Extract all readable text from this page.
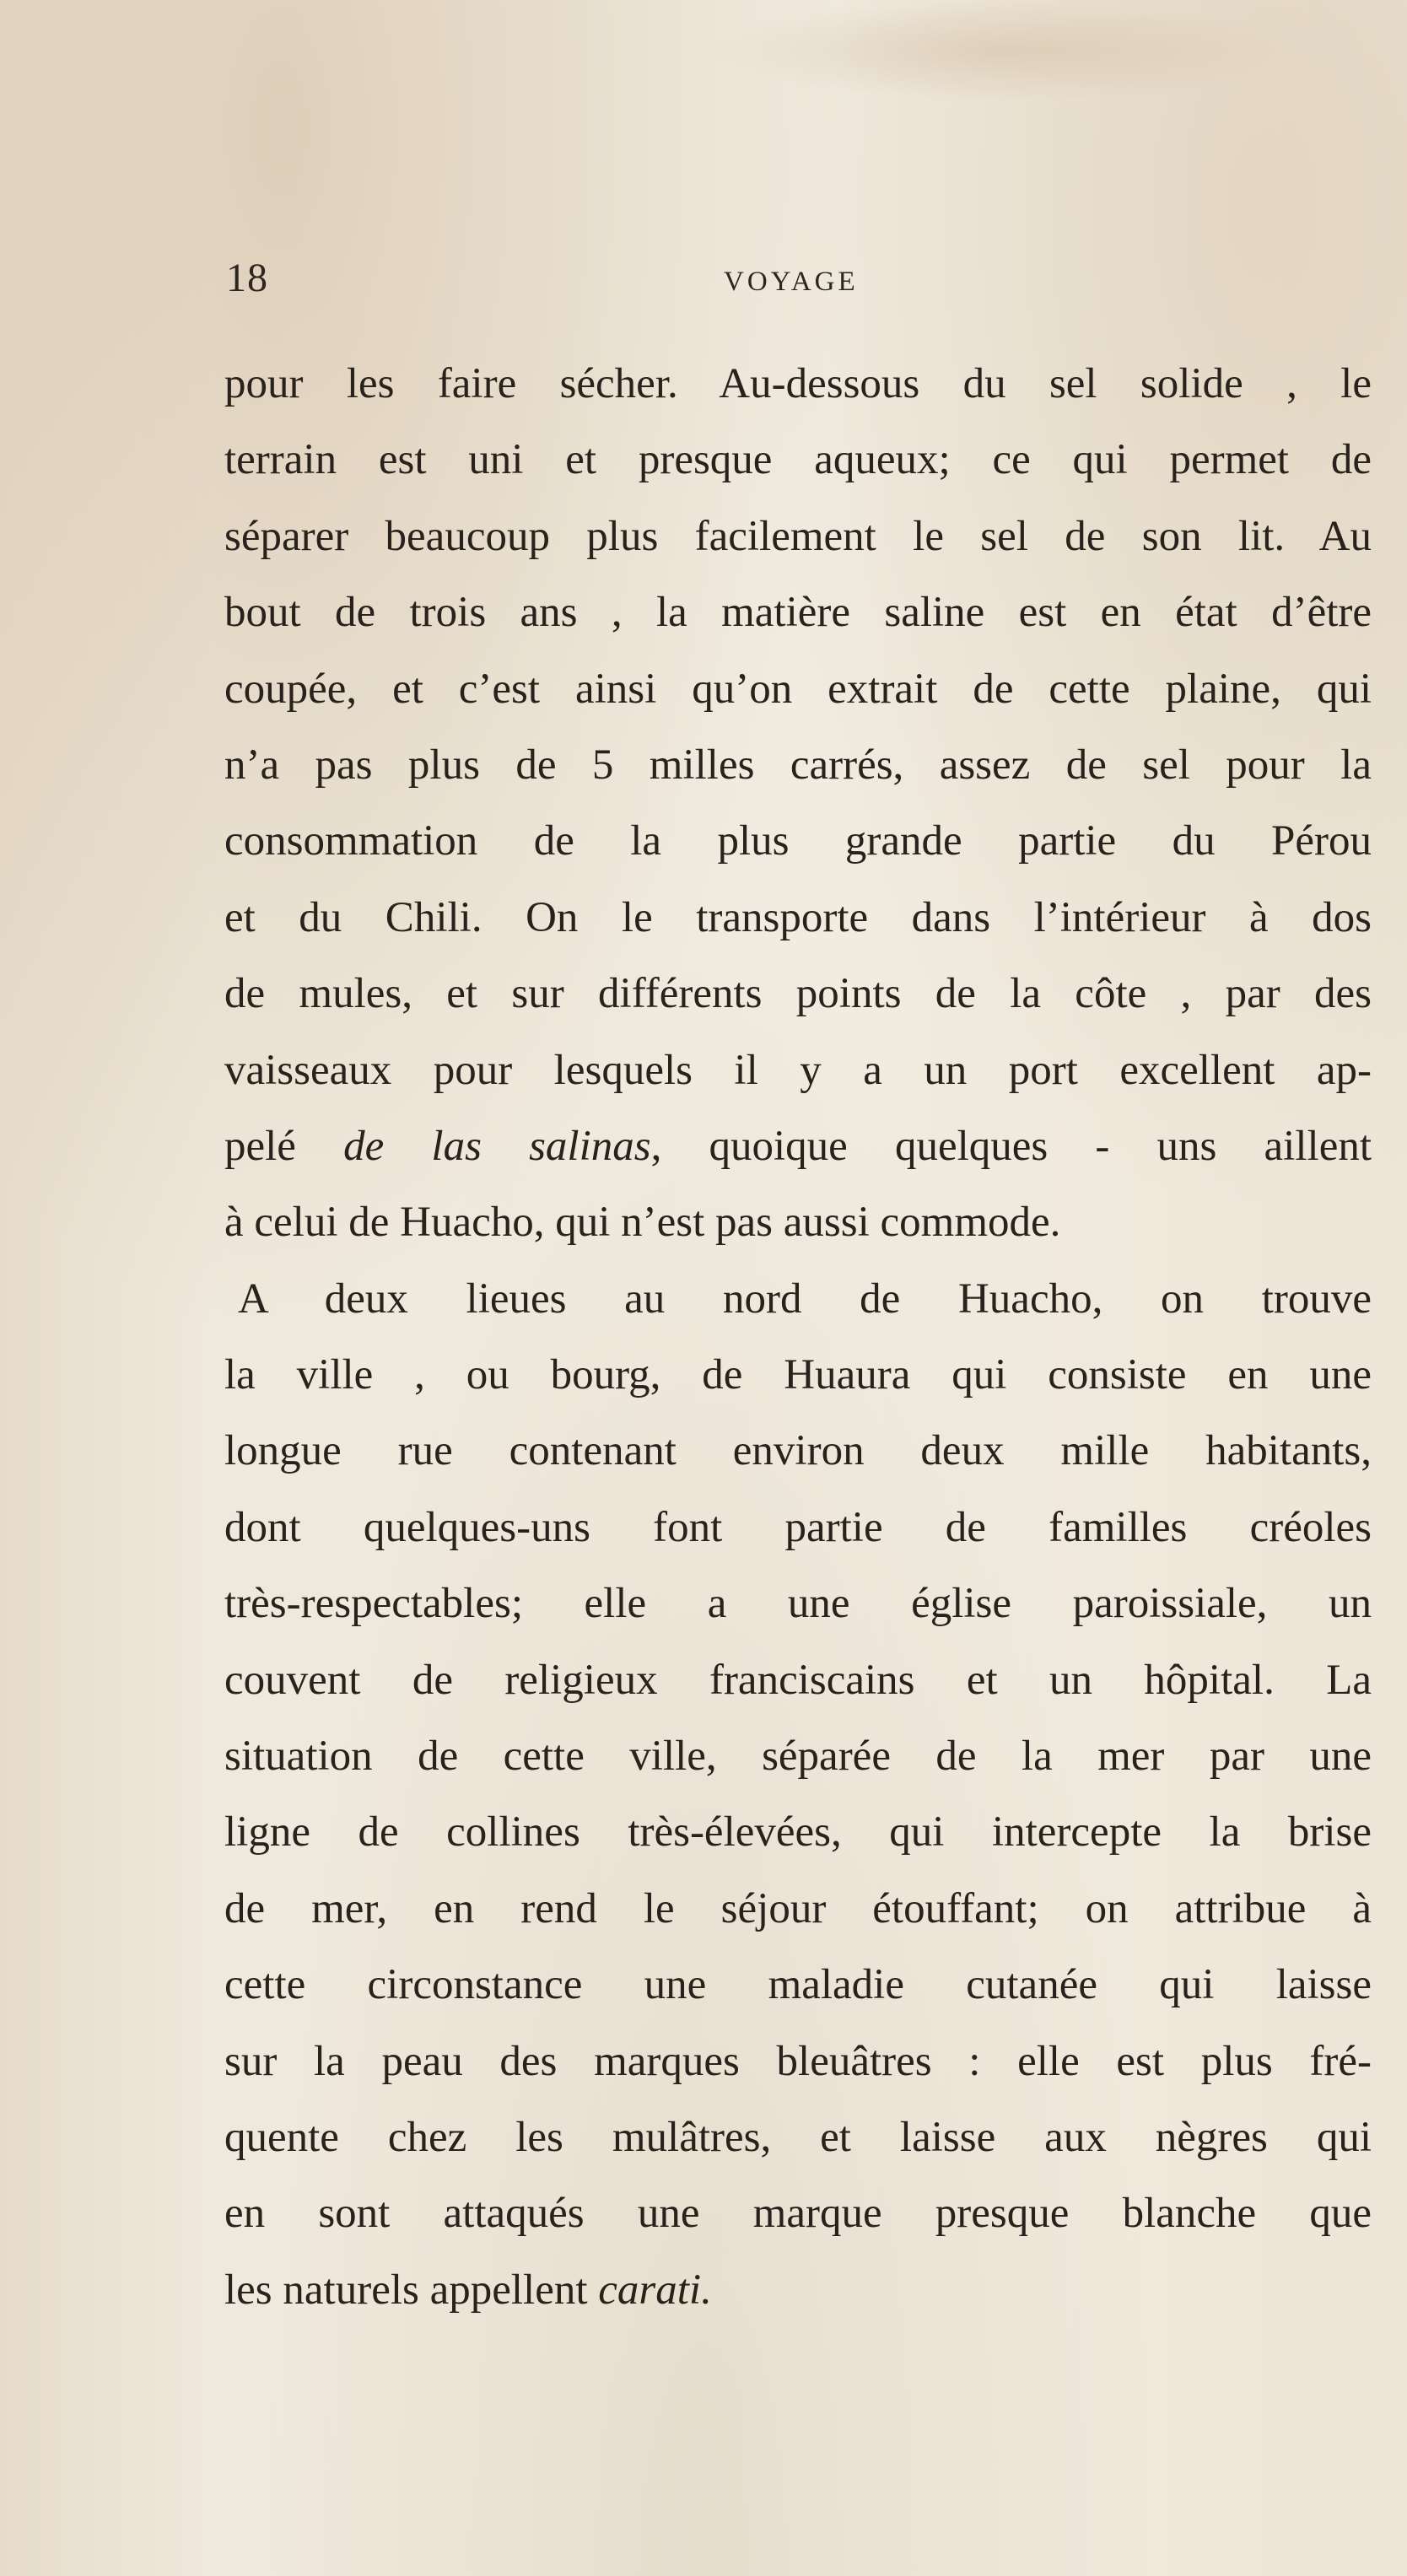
18	VOYAGE
pour les faire sécher. Au-dessous du sel solide , le
terrain est uni et presque aqueux; ce qui permet de
séparer beaucoup plus facilement le sel de son lit. Au
bout de trois ans , la matière saline est en état d’être
coupée, et c’est ainsi qu’on extrait de cette plaine, qui
n’a pas plus de 5 milles carrés, assez de sel pour la
consommation de la plus grande partie du Pérou
et du Chili. On le transporte dans l’intérieur à dos
de mules, et sur différents points de la côte , par des
vaisseaux pour lesquels il y a un port excellent ap-
pelé de las salinas, quoique quelques - uns aillent
à celui de Huacho, qui n’est pas aussi commode.
A deux lieues au nord de Huacho, on trouve
la ville , ou bourg, de Huaura qui consiste en une
longue rue contenant environ deux mille habitants,
dont quelques-uns font partie de familles créoles
très-respectables; elle a une église paroissiale, un
couvent de religieux franciscains et un hôpital. La
situation de cette ville, séparée de la mer par une
ligne de collines très-élevées, qui intercepte la brise
de mer, en rend le séjour étouffant; on attribue à
cette circonstance une maladie cutanée qui laisse
sur la peau des marques bleuâtres : elle est plus fré-
quente chez les mulâtres, et laisse aux nègres qui
en sont attaqués une marque presque blanche que
les naturels appellent carati.
